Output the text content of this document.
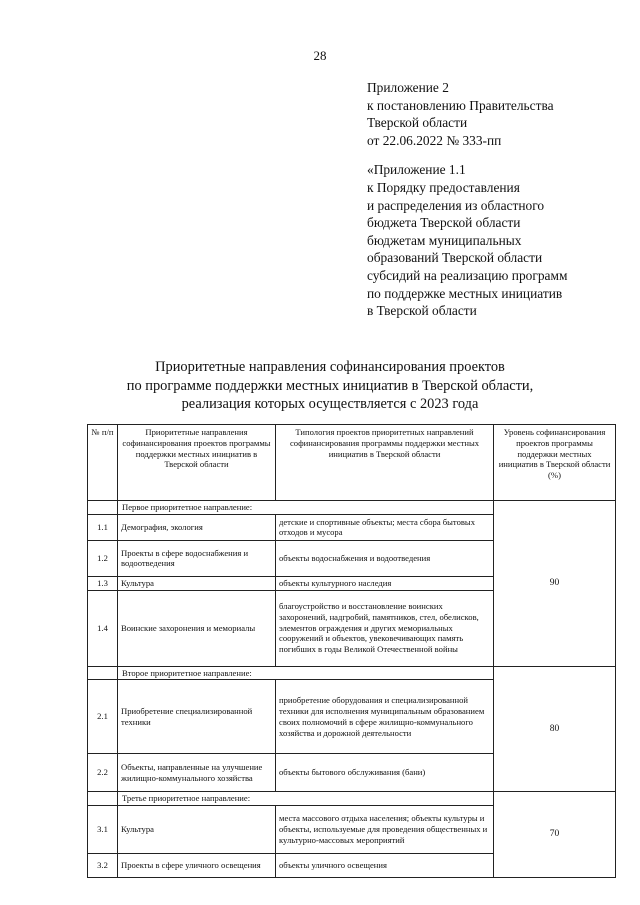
28
Приложение 2
к постановлению Правительства
Тверской области
от 22.06.2022 № 333-пп
«Приложение 1.1
к Порядку предоставления
и распределения из областного
бюджета Тверской области
бюджетам муниципальных
образований Тверской области
субсидий на реализацию программ
по поддержке местных инициатив
в Тверской области
Приоритетные направления софинансирования проектов
по программе поддержки местных инициатив в Тверской области,
реализация которых осуществляется с 2023 года
№ п/п	Приоритетные направления софинансирования проектов программы поддержки местных инициатив в Тверской области	Типология проектов приоритетных направлений софинансирования программы поддержки местных инициатив в Тверской области	Уровень софинансирования проектов программы поддержки местных инициатив в Тверской области (%)
	Первое приоритетное направление:		90
1.1	Демография, экология	детские и спортивные объекты; места сбора бытовых отходов и мусора	
1.2	Проекты в сфере водоснабжения и водоотведения	объекты водоснабжения и водоотведения	
1.3	Культура	объекты культурного наследия	
1.4	Воинские захоронения и мемориалы	благоустройство и восстановление воинских захоронений, надгробий, памятников, стел, обелисков, элементов ограждения и других мемориальных сооружений и объектов, увековечивающих память погибших в годы Великой Отечественной войны	
	Второе приоритетное направление:		80
2.1	Приобретение специализированной техники	приобретение оборудования и специализированной техники для исполнения муниципальным образованием своих полномочий в сфере жилищно-коммунального хозяйства и дорожной деятельности	
2.2	Объекты, направленные на улучшение жилищно-коммунального хозяйства	объекты бытового обслуживания (бани)	
	Третье приоритетное направление:		70
3.1	Культура	места массового отдыха населения; объекты культуры и объекты, используемые для проведения общественных и культурно-массовых мероприятий	
3.2	Проекты в сфере уличного освещения	объекты уличного освещения	
